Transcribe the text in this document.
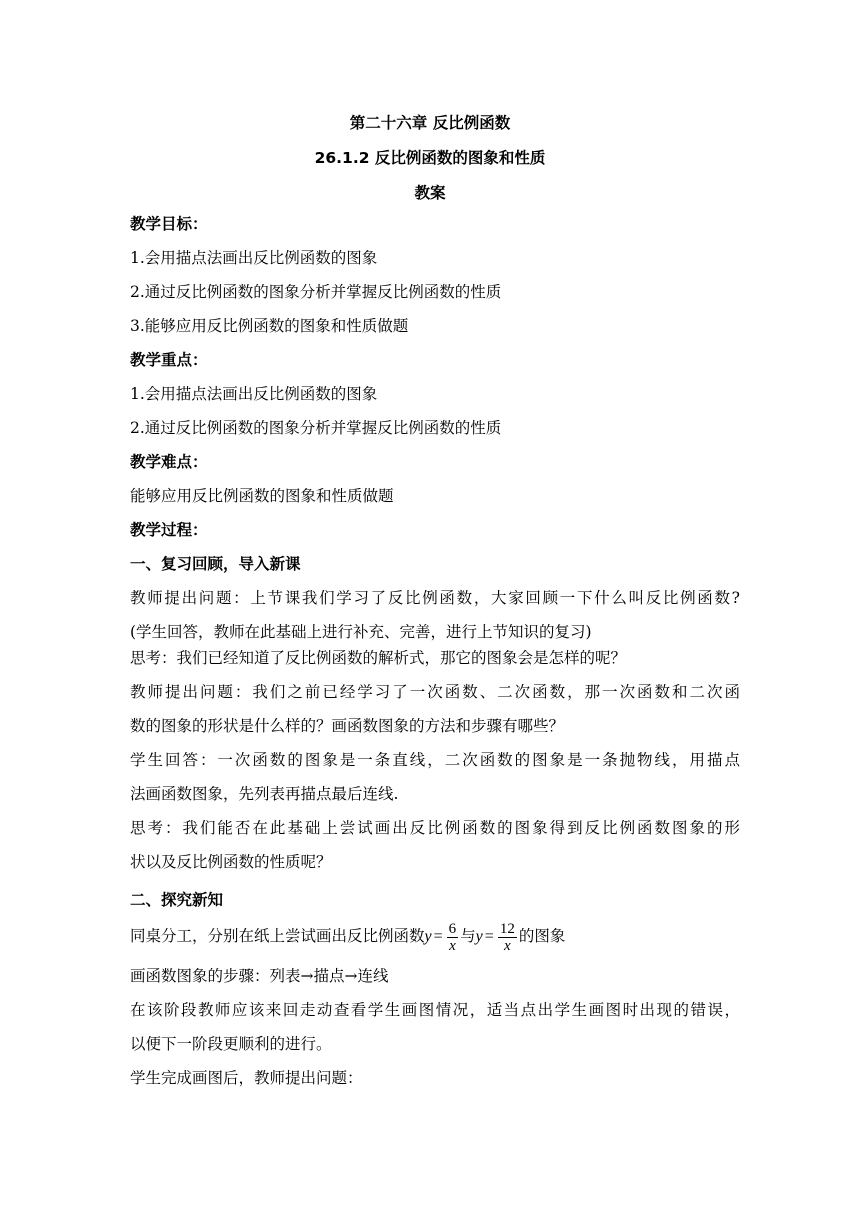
第二十六章 反比例函数
26.1.2 反比例函数的图象和性质
教案
教学目标：
1.会用描点法画出反比例函数的图象
2.通过反比例函数的图象分析并掌握反比例函数的性质
3.能够应用反比例函数的图象和性质做题
教学重点：
1.会用描点法画出反比例函数的图象
2.通过反比例函数的图象分析并掌握反比例函数的性质
教学难点：
能够应用反比例函数的图象和性质做题
教学过程：
一、复习回顾，导入新课
教师提出问题：上节课我们学习了反比例函数，大家回顾一下什么叫反比例函数?
(学生回答，教师在此基础上进行补充、完善，进行上节知识的复习)
思考：我们已经知道了反比例函数的解析式，那它的图象会是怎样的呢？
教师提出问题：我们之前已经学习了一次函数、二次函数，那一次函数和二次函
数的图象的形状是什么样的？画函数图象的方法和步骤有哪些？
学生回答：一次函数的图象是一条直线，二次函数的图象是一条抛物线，用描点
法画函数图象，先列表再描点最后连线.
思考：我们能否在此基础上尝试画出反比例函数的图象得到反比例函数图象的形
状以及反比例函数的性质呢？
二、探究新知
同桌分工，分别在纸上尝试画出反比例函数$y = \frac{6}{x}$ 与$y = \frac{12}{x}$ 的图象
画函数图象的步骤：列表→描点→连线
在该阶段教师应该来回走动查看学生画图情况，适当点出学生画图时出现的错误，
以便下一阶段更顺利的进行。
学生完成画图后，教师提出问题：
